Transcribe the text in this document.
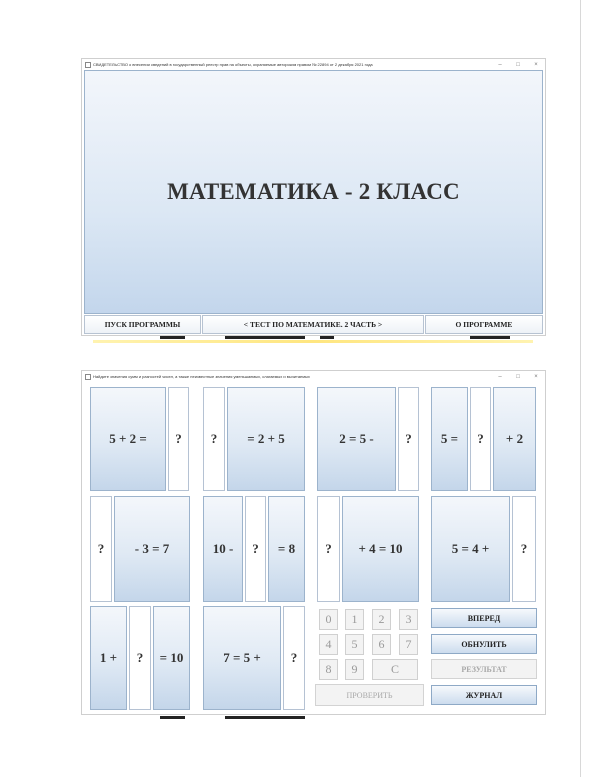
СВИДЕТЕЛЬСТВО о внесении сведений в государственный реестр прав на объекты, охраняемые авторским правом № 22894 от 2 декабря 2021 года	–	□	×
МАТЕМАТИКА - 2 КЛАСС
ПУСК ПРОГРАММЫ	< ТЕСТ ПО МАТЕМАТИКЕ. 2 ЧАСТЬ >	О ПРОГРАММЕ
Найдите значения сумм и разностей чисел, а также неизвестные значения уменьшаемых, слагаемых и вычитаемых	–	□	×
5 + 2 =	?	?	= 2 + 5	2 = 5 -	?	5 =	?	+ 2
?	- 3 = 7	10 -	?	= 8	?	+ 4 = 10	5 = 4 +	?
1 +	?	= 10	7 = 5 +	?
0	1	2	3
4	5	6	7
8	9	C
ПРОВЕРИТЬ
ВПЕРЕД
ОБНУЛИТЬ
РЕЗУЛЬТАТ
ЖУРНАЛ
